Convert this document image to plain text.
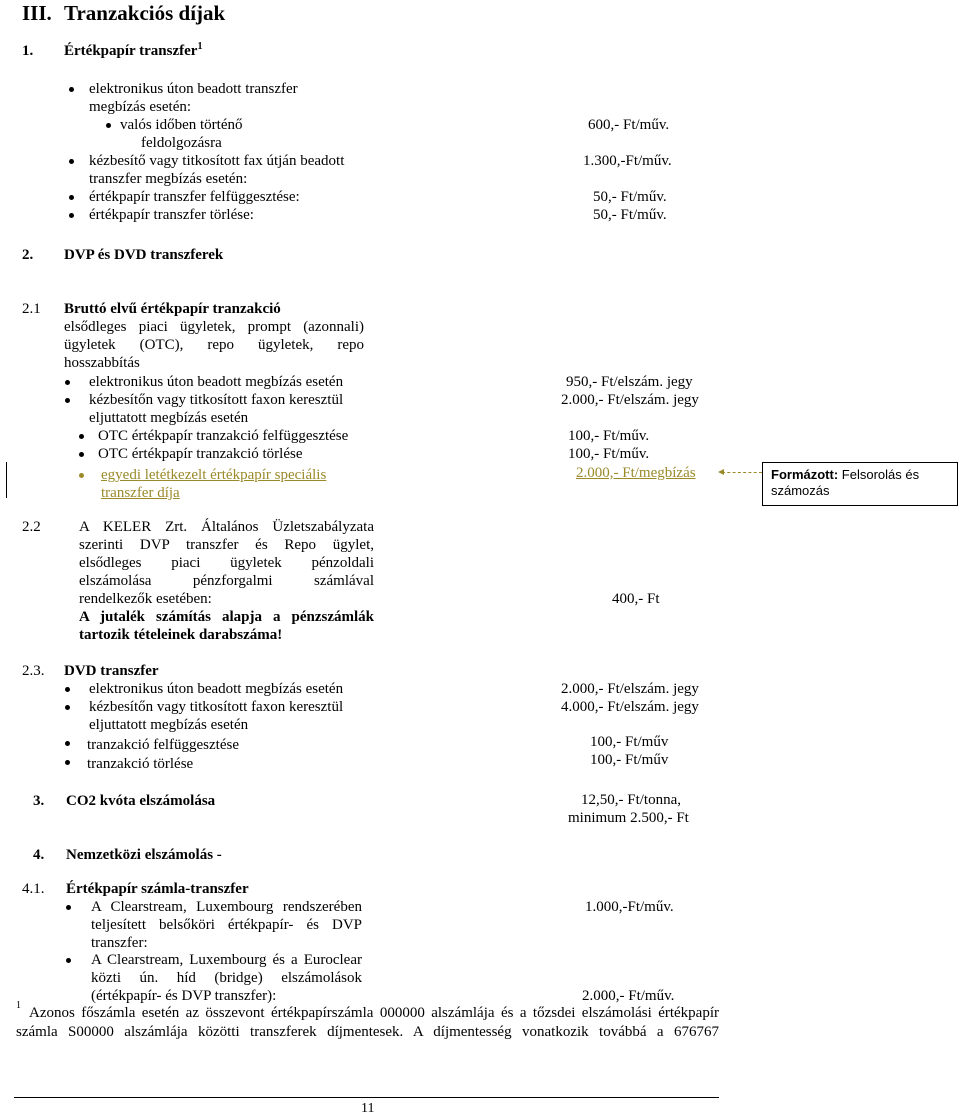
III. Tranzakciós díjak
1. Értékpapír transzfer$^1$
elektronikus úton beadott transzfer
megbízás esetén:
valós időben történő
feldolgozásra
600,- Ft/műv.
kézbesítő vagy titkosított fax útján beadott
transzfer megbízás esetén:
1.300,-Ft/műv.
értékpapír transzfer felfüggesztése:	50,- Ft/műv.
értékpapír transzfer törlése:	50,- Ft/műv.
2. DVP és DVD transzferek
2.1 Bruttó elvű értékpapír tranzakció
elsődleges piaci ügyletek, prompt (azonnali)
ügyletek (OTC), repo ügyletek, repo
hosszabbítás
elektronikus úton beadott megbízás esetén	950,- Ft/elszám. jegy
kézbesítőn vagy titkosított faxon keresztül
eljuttatott megbízás esetén
2.000,- Ft/elszám. jegy
OTC értékpapír tranzakció felfüggesztése	100,- Ft/műv.
OTC értékpapír tranzakció törlése	100,- Ft/műv.
egyedi letétkezelt értékpapír speciális
transzfer díja
2.000,- Ft/megbízás	Formázott: Felsorolás és
számozás
2.2	A KELER Zrt. Általános Üzletszabályzata
szerinti DVP transzfer és Repo ügylet,
elsődleges piaci ügyletek pénzoldali
elszámolása pénzforgalmi számlával
rendelkezők esetében:	400,- Ft
A jutalék számítás alapja a pénzszámlák
tartozik tételeinek darabszáma!
2.3. DVD transzfer
elektronikus úton beadott megbízás esetén	2.000,- Ft/elszám. jegy
kézbesítőn vagy titkosított faxon keresztül
eljuttatott megbízás esetén
4.000,- Ft/elszám. jegy
tranzakció felfüggesztése	100,- Ft/műv
tranzakció törlése	100,- Ft/műv
3. CO2 kvóta elszámolása	12,50,- Ft/tonna,
minimum 2.500,- Ft
4. Nemzetközi elszámolás -
4.1. Értékpapír számla-transzfer
A Clearstream, Luxembourg rendszerében
teljesített belsőköri értékpapír- és DVP
transzfer:
1.000,-Ft/műv.
A Clearstream, Luxembourg és a Euroclear
közti ún. híd (bridge) elszámolások
(értékpapír- és DVP transzfer):	2.000,- Ft/műv.
1 Azonos főszámla esetén az összevont értékpapírszámla 000000 alszámlája és a tőzsdei elszámolási értékpapír
számla S00000 alszámlája közötti transzferek díjmentesek. A díjmentesség vonatkozik továbbá a 676767
11
